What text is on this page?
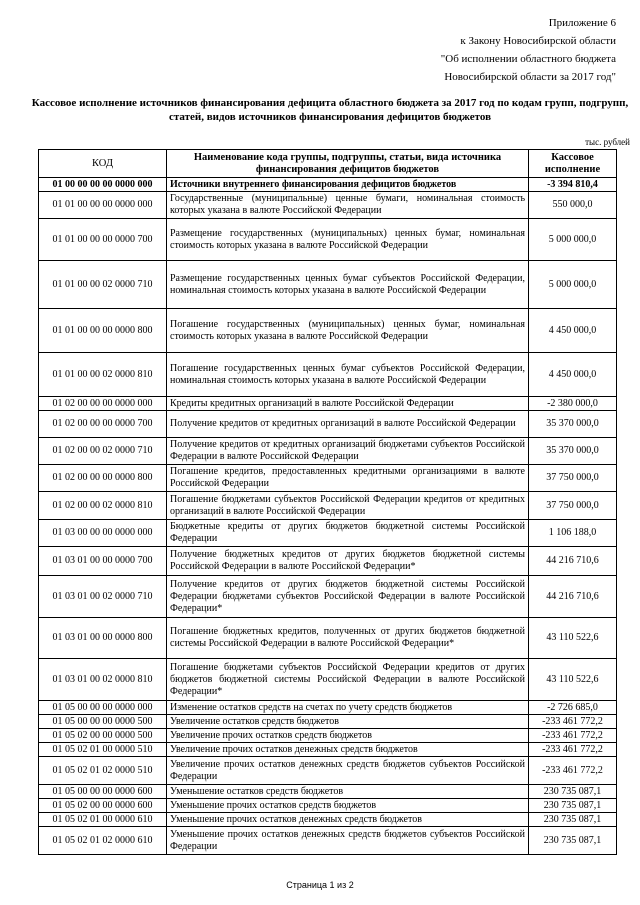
Приложение 6
к Закону Новосибирской области
"Об исполнении областного бюджета
Новосибирской области за 2017 год"
Кассовое исполнение источников финансирования дефицита областного бюджета за 2017 год по кодам групп, подгрупп, статей, видов источников финансирования дефицитов бюджетов
тыс. рублей
КОД	Наименование кода группы, подгруппы, статьи, вида источника финансирования дефицитов бюджетов	Кассовое исполнение
01 00 00 00 00 0000 000	Источники внутреннего финансирования дефицитов бюджетов	-3 394 810,4
01 01 00 00 00 0000 000	Государственные (муниципальные) ценные бумаги, номинальная стоимость которых указана в валюте Российской Федерации	550 000,0
01 01 00 00 00 0000 700	Размещение государственных (муниципальных) ценных бумаг, номинальная стоимость которых указана в валюте Российской Федерации	5 000 000,0
01 01 00 00 02 0000 710	Размещение государственных ценных бумаг субъектов Российской Федерации, номинальная стоимость которых указана в валюте Российской Федерации	5 000 000,0
01 01 00 00 00 0000 800	Погашение государственных (муниципальных) ценных бумаг, номинальная стоимость которых указана в валюте Российской Федерации	4 450 000,0
01 01 00 00 02 0000 810	Погашение государственных ценных бумаг субъектов Российской Федерации, номинальная стоимость которых указана в валюте Российской Федерации	4 450 000,0
01 02 00 00 00 0000 000	Кредиты кредитных организаций в валюте Российской Федерации	-2 380 000,0
01 02 00 00 00 0000 700	Получение кредитов от кредитных организаций в валюте Российской Федерации	35 370 000,0
01 02 00 00 02 0000 710	Получение кредитов от кредитных организаций бюджетами субъектов Российской Федерации в валюте Российской Федерации	35 370 000,0
01 02 00 00 00 0000 800	Погашение кредитов, предоставленных кредитными организациями в валюте Российской Федерации	37 750 000,0
01 02 00 00 02 0000 810	Погашение бюджетами субъектов Российской Федерации кредитов от кредитных организаций в валюте Российской Федерации	37 750 000,0
01 03 00 00 00 0000 000	Бюджетные кредиты от других бюджетов бюджетной системы Российской Федерации	1 106 188,0
01 03 01 00 00 0000 700	Получение бюджетных кредитов от других бюджетов бюджетной системы Российской Федерации в валюте Российской Федерации*	44 216 710,6
01 03 01 00 02 0000 710	Получение кредитов от других бюджетов бюджетной системы Российской Федерации бюджетами субъектов Российской Федерации в валюте Российской Федерации*	44 216 710,6
01 03 01 00 00 0000 800	Погашение бюджетных кредитов, полученных от других бюджетов бюджетной системы Российской Федерации в валюте Российской Федерации*	43 110 522,6
01 03 01 00 02 0000 810	Погашение бюджетами субъектов Российской Федерации кредитов от других бюджетов бюджетной системы Российской Федерации в валюте Российской Федерации*	43 110 522,6
01 05 00 00 00 0000 000	Изменение остатков средств на счетах по учету средств бюджетов	-2 726 685,0
01 05 00 00 00 0000 500	Увеличение остатков средств бюджетов	-233 461 772,2
01 05 02 00 00 0000 500	Увеличение прочих остатков средств бюджетов	-233 461 772,2
01 05 02 01 00 0000 510	Увеличение прочих остатков денежных средств бюджетов	-233 461 772,2
01 05 02 01 02 0000 510	Увеличение прочих остатков денежных средств бюджетов субъектов Российской Федерации	-233 461 772,2
01 05 00 00 00 0000 600	Уменьшение остатков средств бюджетов	230 735 087,1
01 05 02 00 00 0000 600	Уменьшение прочих остатков средств бюджетов	230 735 087,1
01 05 02 01 00 0000 610	Уменьшение прочих остатков денежных средств бюджетов	230 735 087,1
01 05 02 01 02 0000 610	Уменьшение прочих остатков денежных средств бюджетов субъектов Российской Федерации	230 735 087,1
Страница 1 из 2
